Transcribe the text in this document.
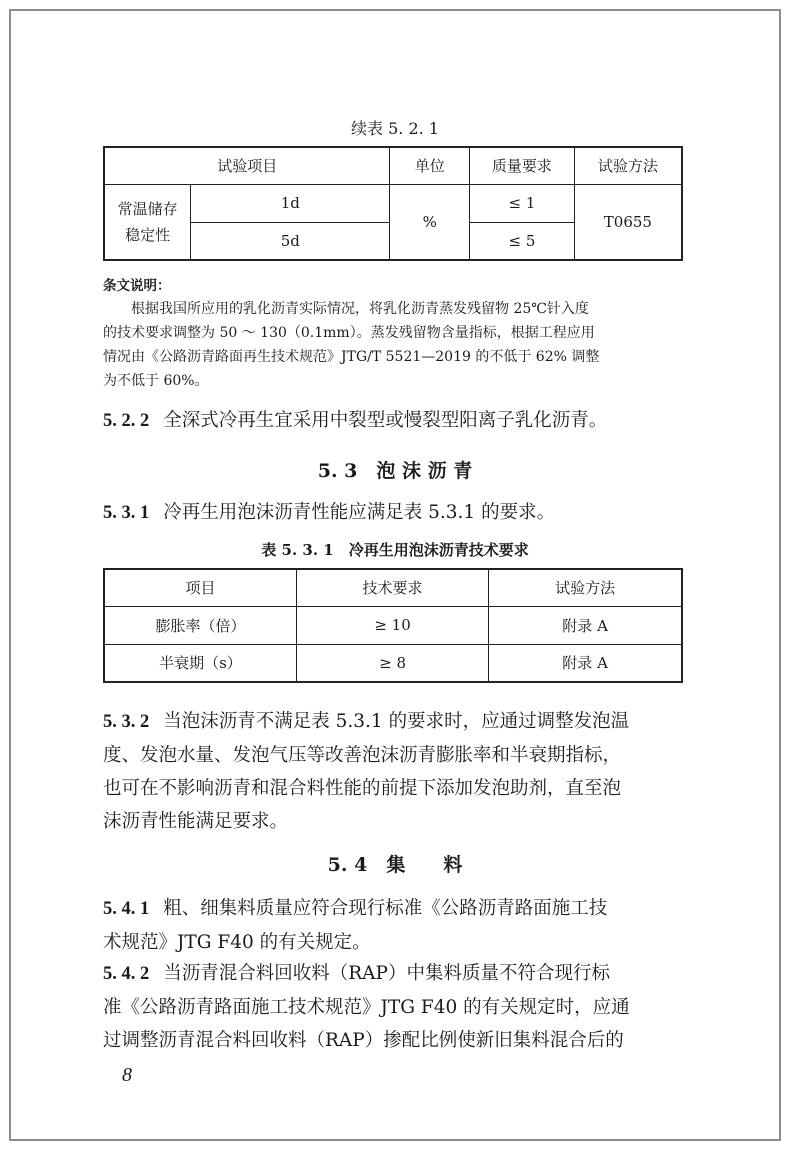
续表 5. 2. 1
试验项目		单位	质量要求	试验方法

常温储存
稳定性	1d	%	≤ 1	T0655
	5d		≤ 5	
条文说明：
根据我国所应用的乳化沥青实际情况，将乳化沥青蒸发残留物 25℃针入度
的技术要求调整为 50 ～ 130（0.1mm）。蒸发残留物含量指标，根据工程应用
情况由《公路沥青路面再生技术规范》JTG/T 5521—2019 的不低于 62% 调整
为不低于 60%。
5. 2. 2 全深式冷再生宜采用中裂型或慢裂型阳离子乳化沥青。
5. 3　泡 沫 沥 青
5. 3. 1 冷再生用泡沫沥青性能应满足表 5.3.1 的要求。
表 5. 3. 1　冷再生用泡沫沥青技术要求
项目	技术要求	试验方法
膨胀率（倍）	≥ 10	附录 A
半衰期（s）	≥ 8	附录 A
5. 3. 2 当泡沫沥青不满足表 5.3.1 的要求时，应通过调整发泡温
度、发泡水量、发泡气压等改善泡沫沥青膨胀率和半衰期指标，
也可在不影响沥青和混合料性能的前提下添加发泡助剂，直至泡
沫沥青性能满足要求。
5. 4　集　　料
5. 4. 1 粗、细集料质量应符合现行标准《公路沥青路面施工技
术规范》JTG F40 的有关规定。
5. 4. 2 当沥青混合料回收料（RAP）中集料质量不符合现行标
准《公路沥青路面施工技术规范》JTG F40 的有关规定时，应通
过调整沥青混合料回收料（RAP）掺配比例使新旧集料混合后的
8
